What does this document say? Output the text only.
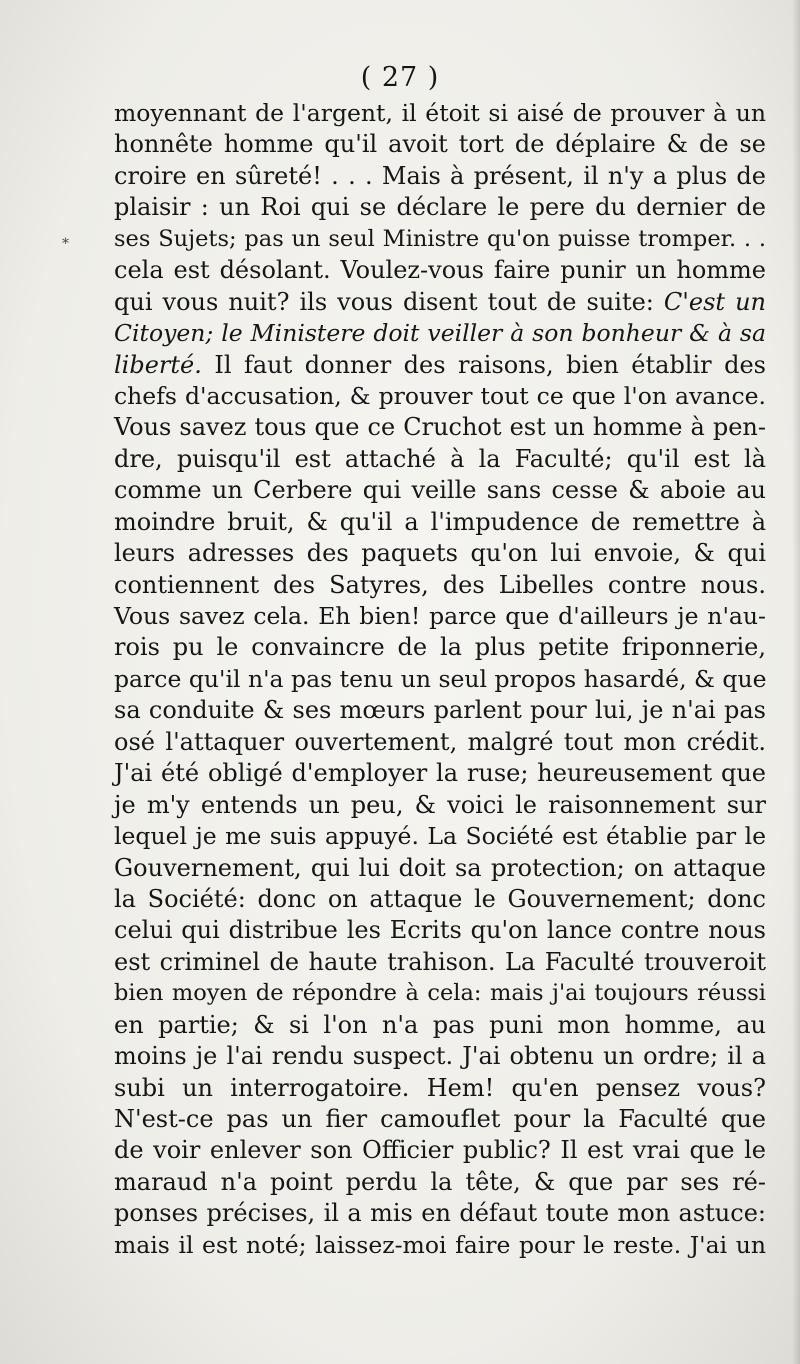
*
( 27 )
moyennant de l'argent, il étoit si aisé de prouver à un
honnête homme qu'il avoit tort de déplaire & de se
croire en sûreté! . . . Mais à présent, il n'y a plus de
plaisir : un Roi qui se déclare le pere du dernier de
ses Sujets; pas un seul Ministre qu'on puisse tromper. . .
cela est désolant. Voulez-vous faire punir un homme
qui vous nuit? ils vous disent tout de suite: C'est un
Citoyen; le Ministere doit veiller à son bonheur & à sa
liberté. Il faut donner des raisons, bien établir des
chefs d'accusation, & prouver tout ce que l'on avance.
Vous savez tous que ce Cruchot est un homme à pen-
dre, puisqu'il est attaché à la Faculté; qu'il est là
comme un Cerbere qui veille sans cesse & aboie au
moindre bruit, & qu'il a l'impudence de remettre à
leurs adresses des paquets qu'on lui envoie, & qui
contiennent des Satyres, des Libelles contre nous.
Vous savez cela. Eh bien! parce que d'ailleurs je n'au-
rois pu le convaincre de la plus petite friponnerie,
parce qu'il n'a pas tenu un seul propos hasardé, & que
sa conduite & ses mœurs parlent pour lui, je n'ai pas
osé l'attaquer ouvertement, malgré tout mon crédit.
J'ai été obligé d'employer la ruse; heureusement que
je m'y entends un peu, & voici le raisonnement sur
lequel je me suis appuyé. La Société est établie par le
Gouvernement, qui lui doit sa protection; on attaque
la Société: donc on attaque le Gouvernement; donc
celui qui distribue les Ecrits qu'on lance contre nous
est criminel de haute trahison. La Faculté trouveroit
bien moyen de répondre à cela: mais j'ai toujours réussi
en partie; & si l'on n'a pas puni mon homme, au
moins je l'ai rendu suspect. J'ai obtenu un ordre; il a
subi un interrogatoire. Hem! qu'en pensez vous?
N'est-ce pas un fier camouflet pour la Faculté que
de voir enlever son Officier public? Il est vrai que le
maraud n'a point perdu la tête, & que par ses ré-
ponses précises, il a mis en défaut toute mon astuce:
mais il est noté; laissez-moi faire pour le reste. J'ai un
